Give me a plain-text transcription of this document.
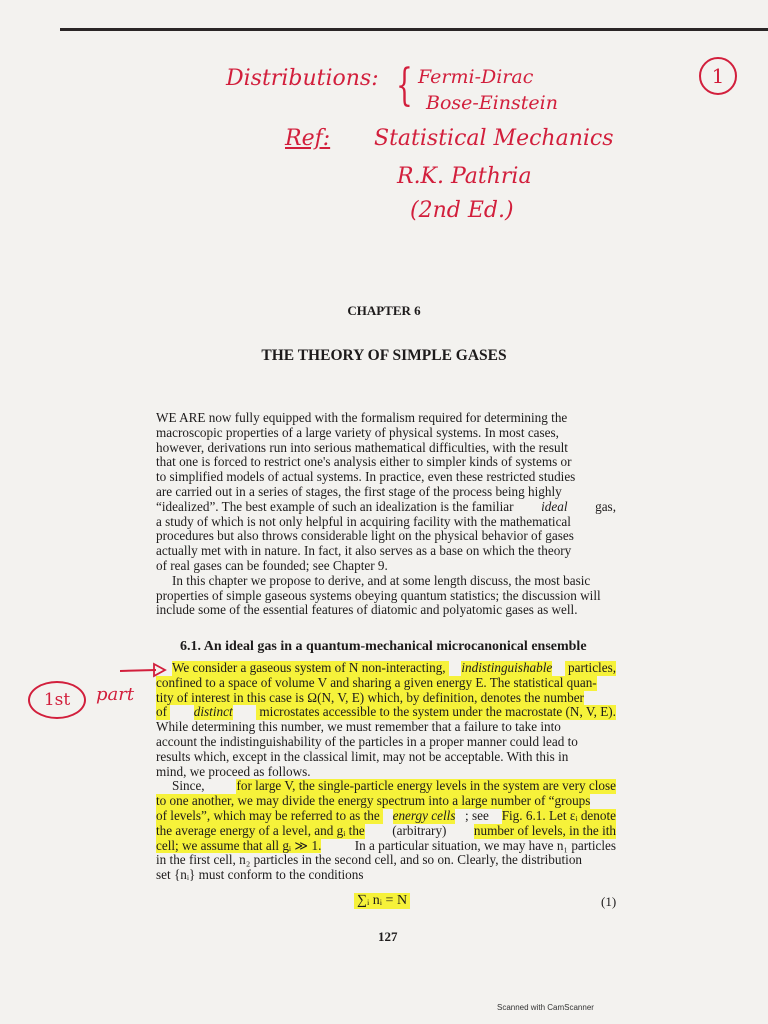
Distributions: { Fermi-Dirac
Bose-Einstein
1
Ref: Statistical Mechanics
R.K. Pathria
(2nd Ed.)
CHAPTER 6
THE THEORY OF SIMPLE GASES
WE ARE now fully equipped with the formalism required for determining the
macroscopic properties of a large variety of physical systems. In most cases,
however, derivations run into serious mathematical difficulties, with the result
that one is forced to restrict one's analysis either to simpler kinds of systems or
to simplified models of actual systems. In practice, even these restricted studies
are carried out in a series of stages, the first stage of the process being highly
“idealized”. The best example of such an idealization is the familiar ideal gas,
a study of which is not only helpful in acquiring facility with the mathematical
procedures but also throws considerable light on the physical behavior of gases
actually met with in nature. In fact, it also serves as a base on which the theory
of real gases can be founded; see Chapter 9.
In this chapter we propose to derive, and at some length discuss, the most basic
properties of simple gaseous systems obeying quantum statistics; the discussion will
include some of the essential features of diatomic and polyatomic gases as well.
6.1. An ideal gas in a quantum-mechanical microcanonical ensemble
We consider a gaseous system of N non-interacting, indistinguishable particles,
confined to a space of volume V and sharing a given energy E. The statistical quan-
tity of interest in this case is Ω(N, V, E) which, by definition, denotes the number
of distinct microstates accessible to the system under the macrostate (N, V, E).
While determining this number, we must remember that a failure to take into
account the indistinguishability of the particles in a proper manner could lead to
results which, except in the classical limit, may not be acceptable. With this in
mind, we proceed as follows.
Since, for large V, the single-particle energy levels in the system are very close
to one another, we may divide the energy spectrum into a large number of “groups
of levels”, which may be referred to as the energy cells ; see Fig. 6.1. Let εᵢ denote
the average energy of a level, and gᵢ the (arbitrary) number of levels, in the ith
cell; we assume that all gᵢ ≫ 1. In a particular situation, we may have n₁ particles
in the first cell, n₂ particles in the second cell, and so on. Clearly, the distribution
set {nᵢ} must conform to the conditions
1st	part
∑ᵢ nᵢ = N	(1)
127
Scanned with CamScanner
